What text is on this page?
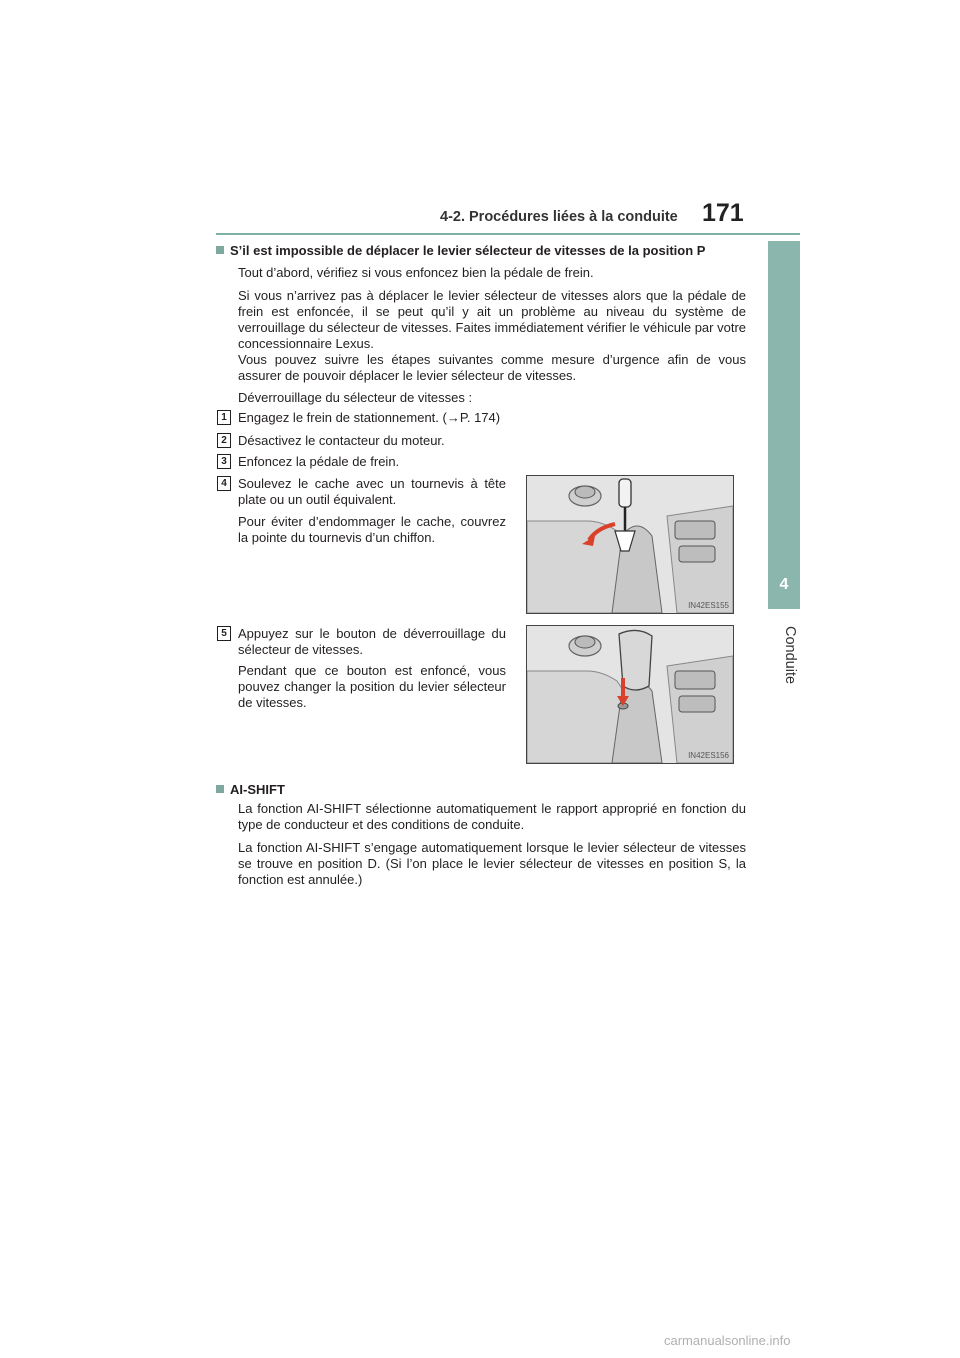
4-2. Procédures liées à la conduite 171
4
Conduite
S’il est impossible de déplacer le levier sélecteur de vitesses de la position P
Tout d’abord, vérifiez si vous enfoncez bien la pédale de frein.
Si vous n’arrivez pas à déplacer le levier sélecteur de vitesses alors que la pédale de frein est enfoncée, il se peut qu’il y ait un problème au niveau du système de verrouillage du sélecteur de vitesses. Faites immédiatement vérifier le véhicule par votre concessionnaire Lexus.
Vous pouvez suivre les étapes suivantes comme mesure d’urgence afin de vous assurer de pouvoir déplacer le levier sélecteur de vitesses.
Déverrouillage du sélecteur de vitesses :
1 Engagez le frein de stationnement. (→P. 174)
2 Désactivez le contacteur du moteur.
3 Enfoncez la pédale de frein.
4 Soulevez le cache avec un tournevis à tête plate ou un outil équivalent.
Pour éviter d’endommager le cache, couvrez la pointe du tournevis d’un chiffon.
IN42ES155
5 Appuyez sur le bouton de déverrouillage du sélecteur de vitesses.
Pendant que ce bouton est enfoncé, vous pouvez changer la position du levier sélecteur de vitesses.
IN42ES156
AI-SHIFT
La fonction AI-SHIFT sélectionne automatiquement le rapport approprié en fonction du type de conducteur et des conditions de conduite.
La fonction AI-SHIFT s’engage automatiquement lorsque le levier sélecteur de vitesses se trouve en position D. (Si l’on place le levier sélecteur de vitesses en position S, la fonction est annulée.)
carmanualsonline.info
